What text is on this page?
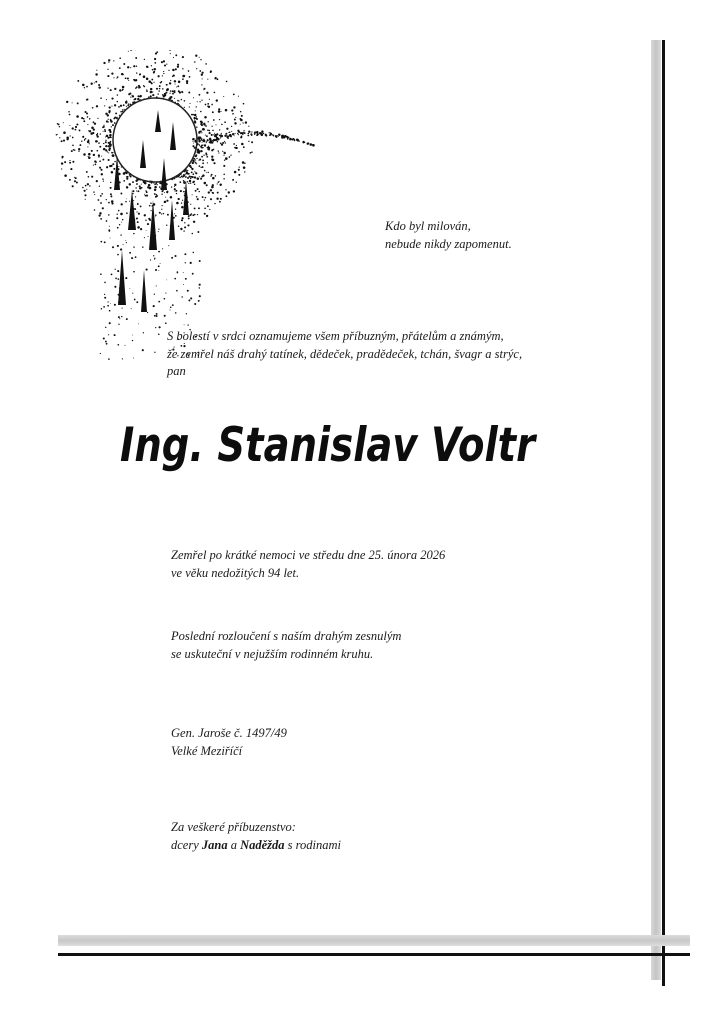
Kdo byl milován,
nebude nikdy zapomenut.
S bolestí v srdci oznamujeme všem příbuzným, přátelům a známým,
že zemřel náš drahý tatínek, dědeček, pradědeček, tchán, švagr a strýc,
pan
Ing. Stanislav Voltr
Zemřel po krátké nemoci ve středu dne 25. února 2026
ve věku nedožitých 94 let.
Poslední rozloučení s naším drahým zesnulým
se uskuteční v nejužším rodinném kruhu.
Gen. Jaroše č. 1497/49
Velké Meziříčí
Za veškeré příbuzenstvo:
dcery Jana a Naděžda s rodinami
